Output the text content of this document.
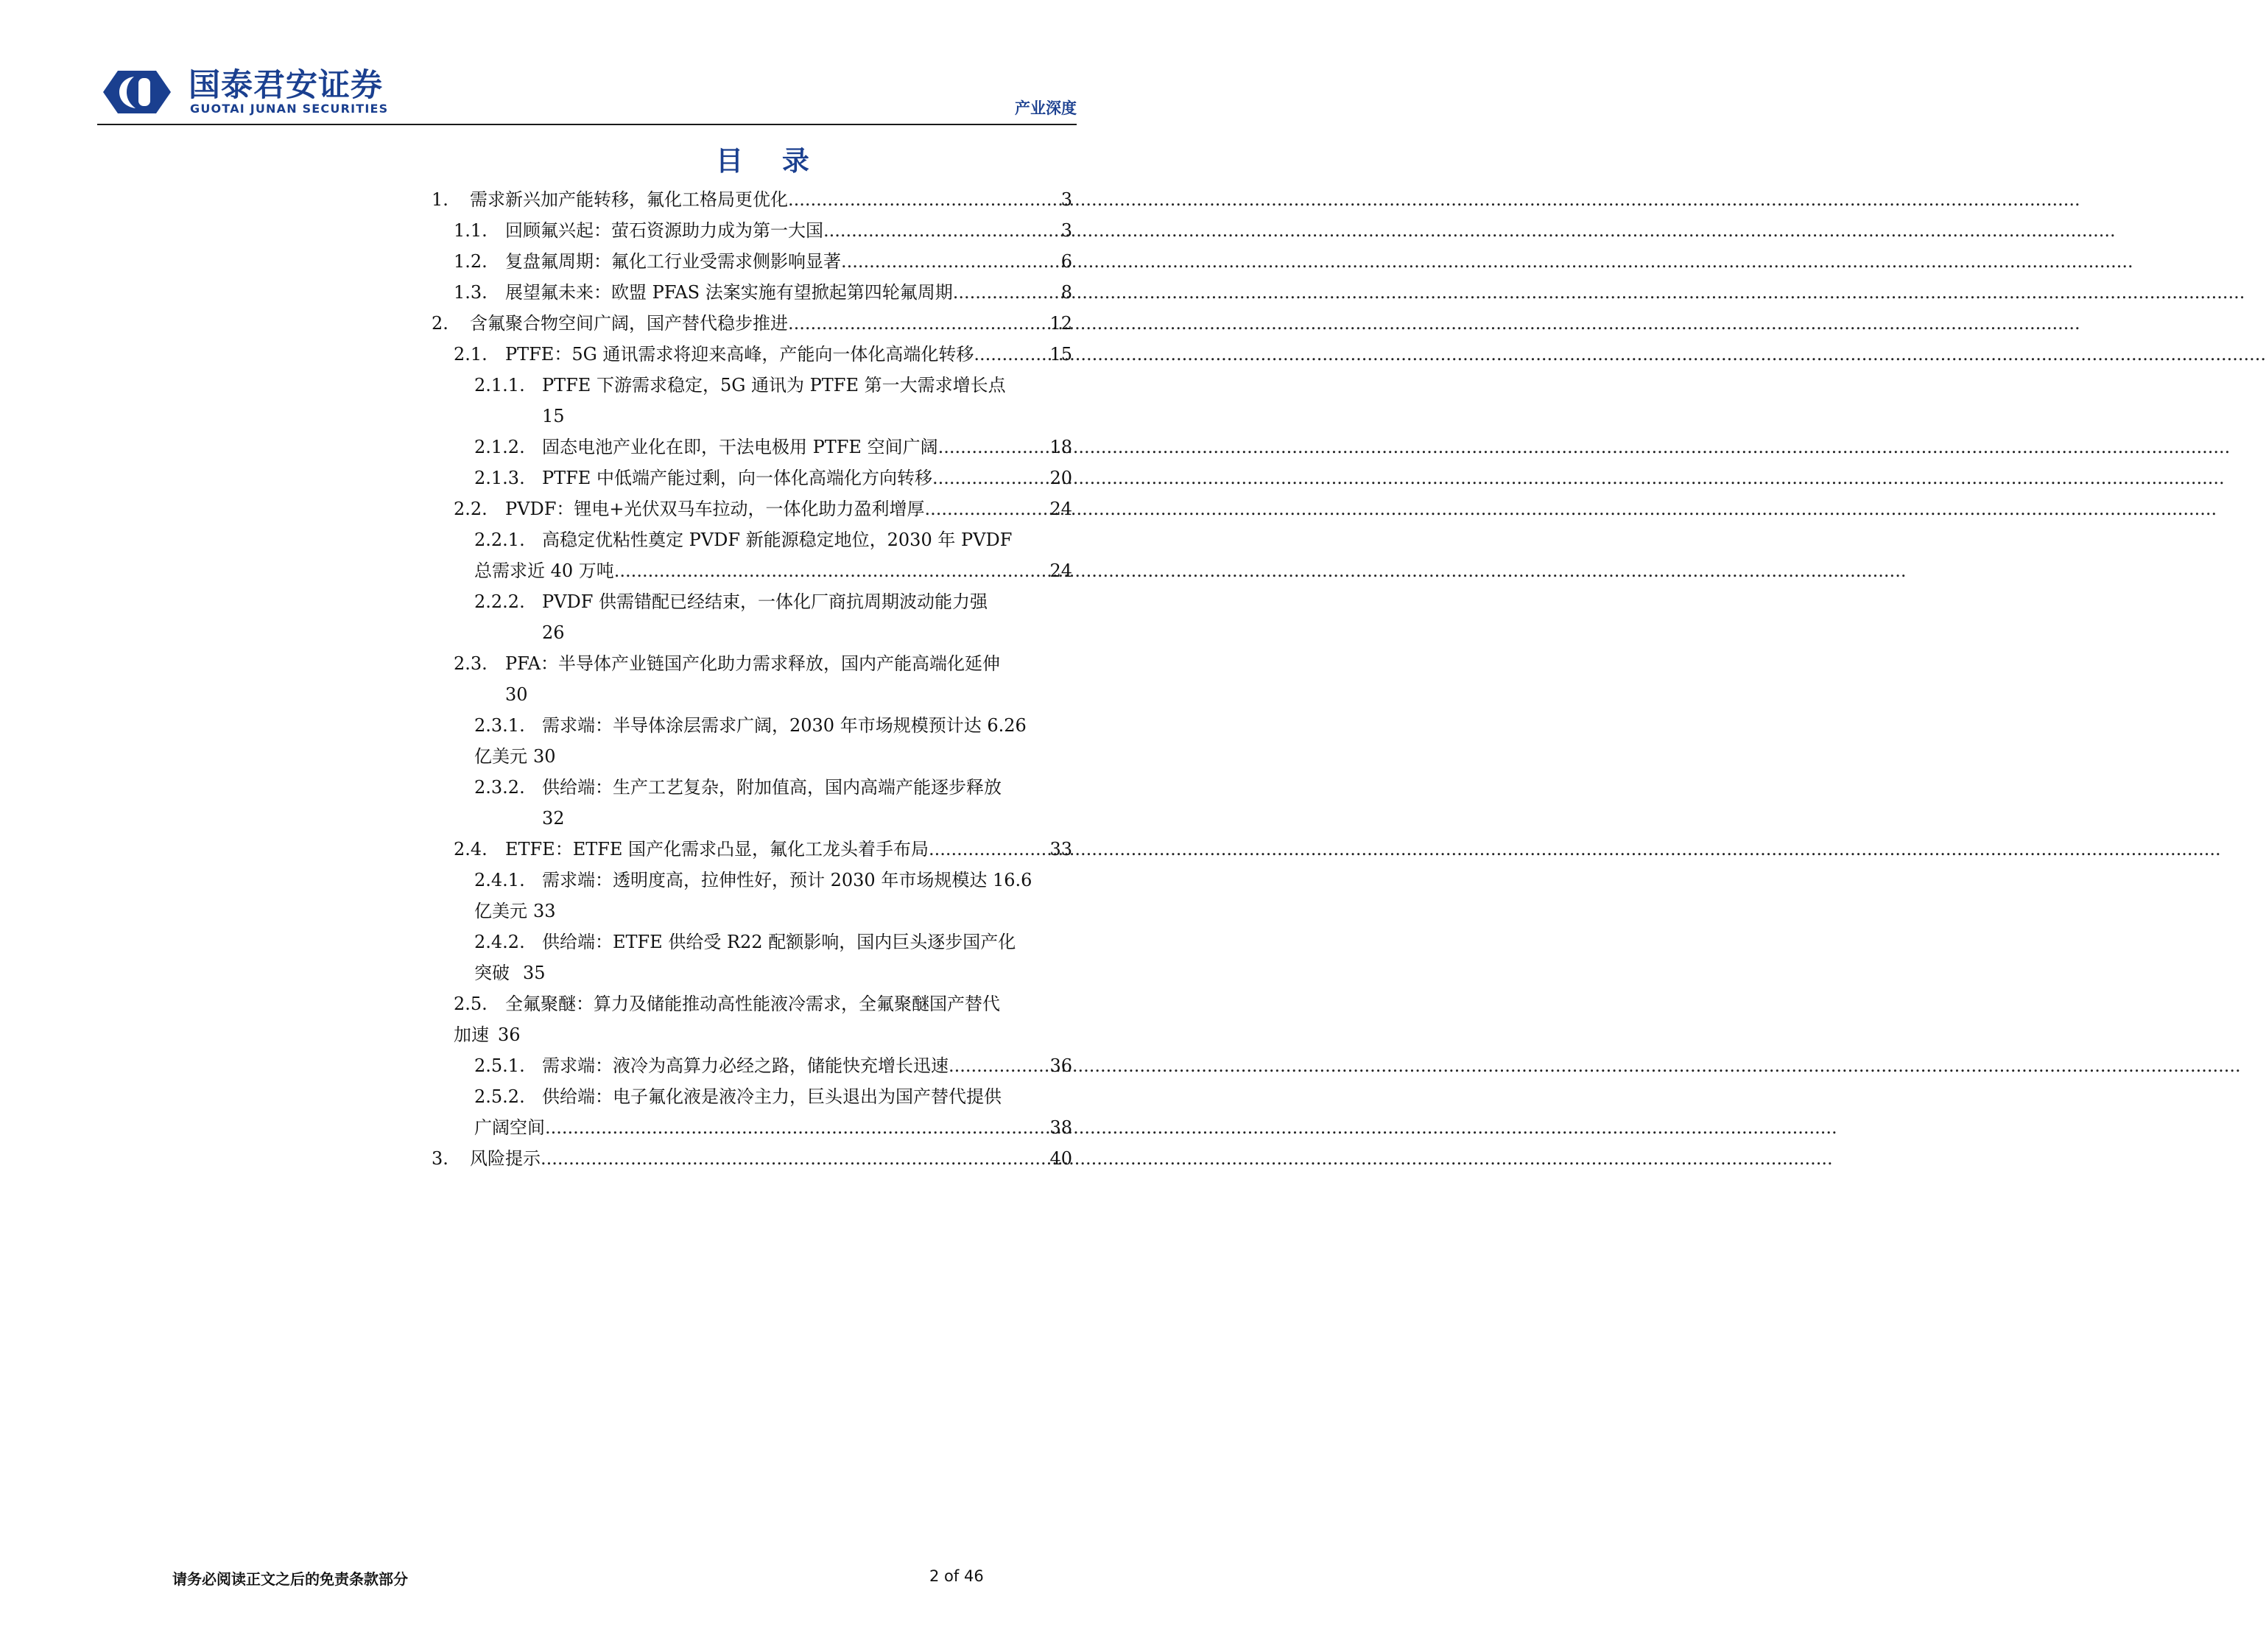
国泰君安证券
GUOTAI JUNAN SECURITIES	产业深度
目 录
1.	需求新兴加产能转移，氟化工格局更优化 .....	3
1.1.	回顾氟兴起：萤石资源助力成为第一大国 .....	3
1.2.	复盘氟周期：氟化工行业受需求侧影响显著 .....	6
1.3.	展望氟未来：欧盟 PFAS 法案实施有望掀起第四轮氟周期 .....	8
2.	含氟聚合物空间广阔，国产替代稳步推进 .....	12
2.1.	PTFE：5G 通讯需求将迎来高峰，产能向一体化高端化转移 .....	15
2.1.1. PTFE 下游需求稳定，5G 通讯为 PTFE 第一大需求增长点
15
2.1.2. 固态电池产业化在即，干法电极用 PTFE 空间广阔 .....	18
2.1.3. PTFE 中低端产能过剩，向一体化高端化方向转移 .....	20
2.2.	PVDF：锂电+光伏双马车拉动，一体化助力盈利增厚 .....	24
2.2.1. 高稳定优粘性奠定 PVDF 新能源稳定地位，2030 年 PVDF
总需求近 40 万吨 .....	24
2.2.2. PVDF 供需错配已经结束，一体化厂商抗周期波动能力强
26
2.3.	PFA：半导体产业链国产化助力需求释放，国内产能高端化延伸
30
2.3.1. 需求端：半导体涂层需求广阔，2030 年市场规模预计达 6.26
亿美元 30
2.3.2. 供给端：生产工艺复杂，附加值高，国内高端产能逐步释放
32
2.4.	ETFE：ETFE 国产化需求凸显，氟化工龙头着手布局 .....	33
2.4.1. 需求端：透明度高，拉伸性好，预计 2030 年市场规模达 16.6
亿美元 33
2.4.2. 供给端：ETFE 供给受 R22 配额影响，国内巨头逐步国产化
突破 35
2.5.	全氟聚醚：算力及储能推动高性能液冷需求，全氟聚醚国产替代
加速 36
2.5.1. 需求端：液冷为高算力必经之路，储能快充增长迅速 .....	36
2.5.2. 供给端：电子氟化液是液冷主力，巨头退出为国产替代提供
广阔空间 .....	38
3.	风险提示 .....	40
请务必阅读正文之后的免责条款部分	2 of 46
